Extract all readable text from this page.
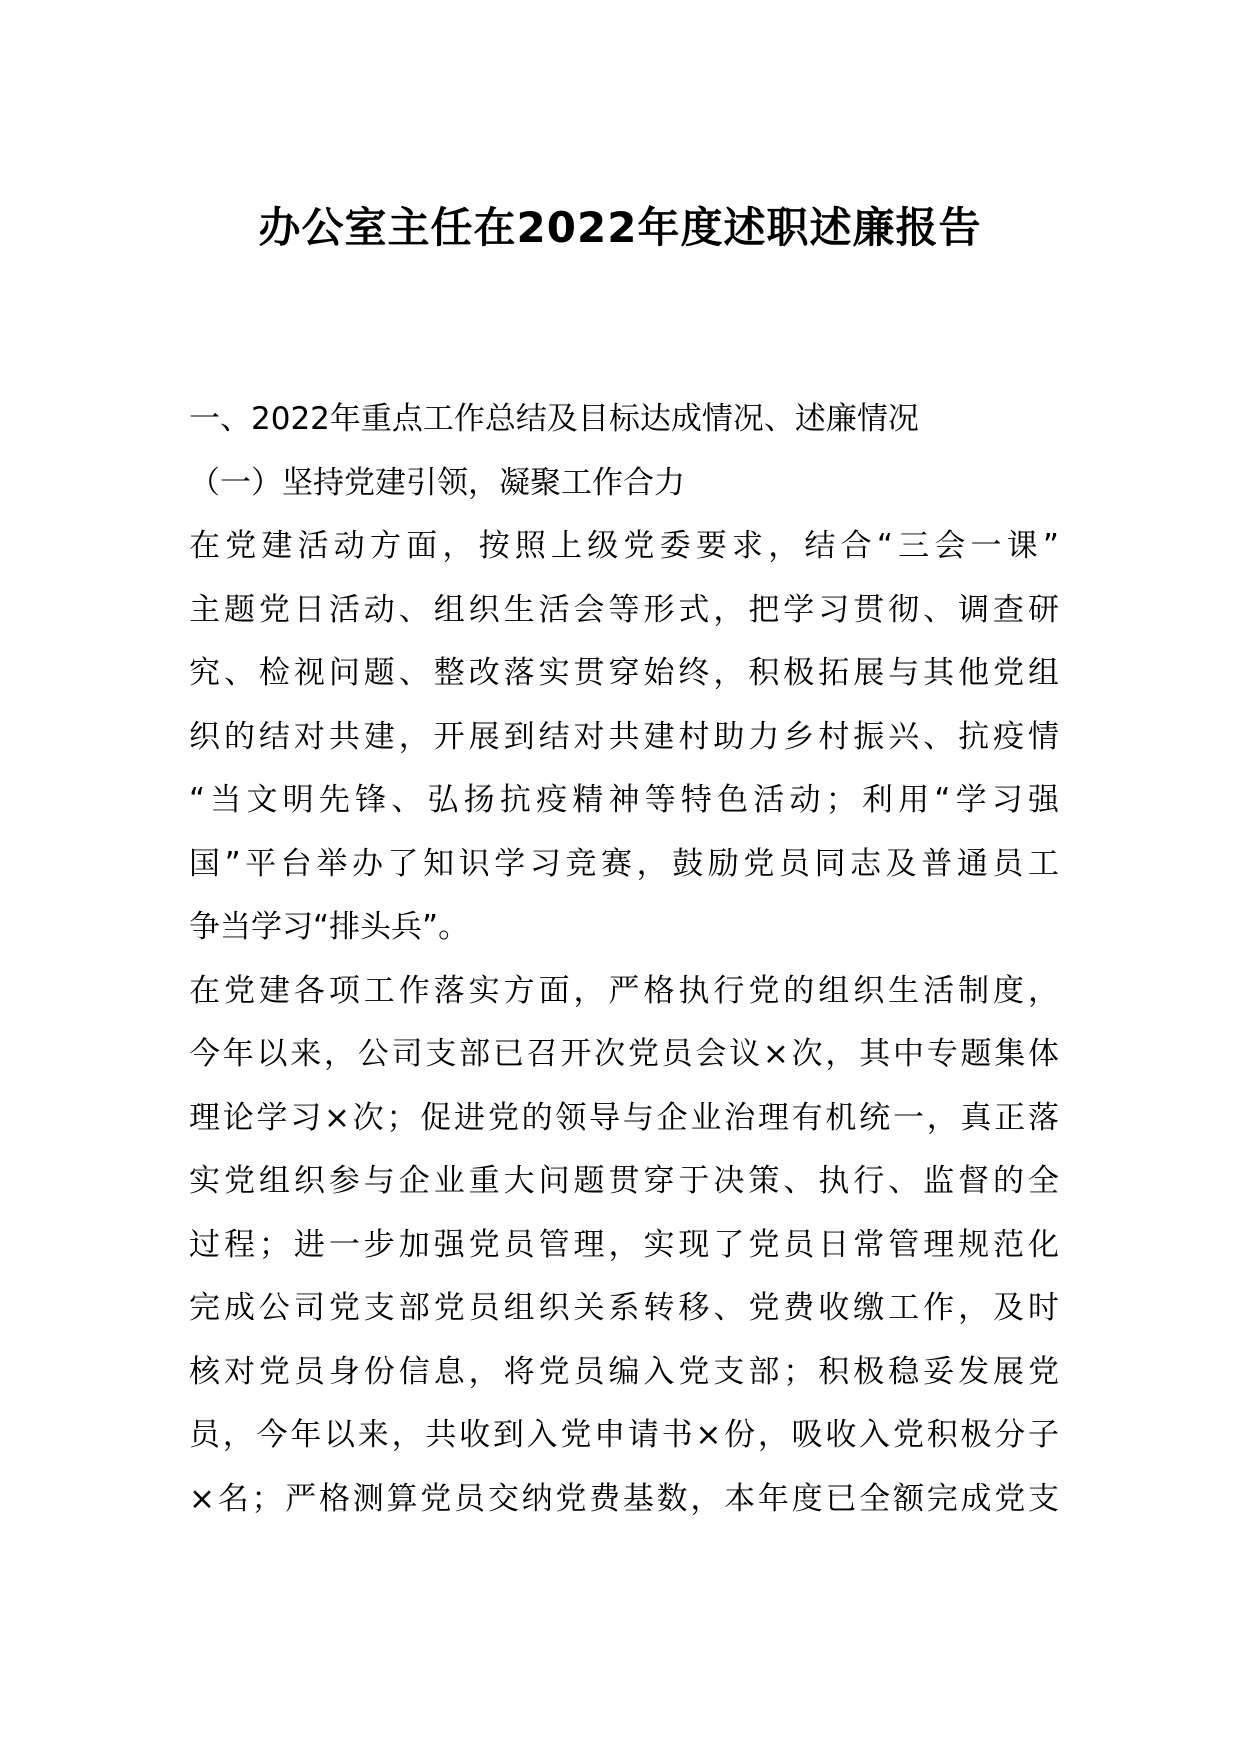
办公室主任在2022年度述职述廉报告
一、2022年重点工作总结及目标达成情况、述廉情况
（一）坚持党建引领，凝聚工作合力
在党建活动方面，按照上级党委要求，结合“三会一课”
主题党日活动、组织生活会等形式，把学习贯彻、调查研
究、检视问题、整改落实贯穿始终，积极拓展与其他党组
织的结对共建，开展到结对共建村助力乡村振兴、抗疫情
“当文明先锋、弘扬抗疫精神等特色活动；利用“学习强
国”平台举办了知识学习竞赛，鼓励党员同志及普通员工
争当学习“排头兵”。
在党建各项工作落实方面，严格执行党的组织生活制度，
今年以来，公司支部已召开次党员会议×次，其中专题集体
理论学习×次；促进党的领导与企业治理有机统一，真正落
实党组织参与企业重大问题贯穿于决策、执行、监督的全
过程；进一步加强党员管理，实现了党员日常管理规范化
完成公司党支部党员组织关系转移、党费收缴工作，及时
核对党员身份信息，将党员编入党支部；积极稳妥发展党
员，今年以来，共收到入党申请书×份，吸收入党积极分子
×名；严格测算党员交纳党费基数，本年度已全额完成党支
